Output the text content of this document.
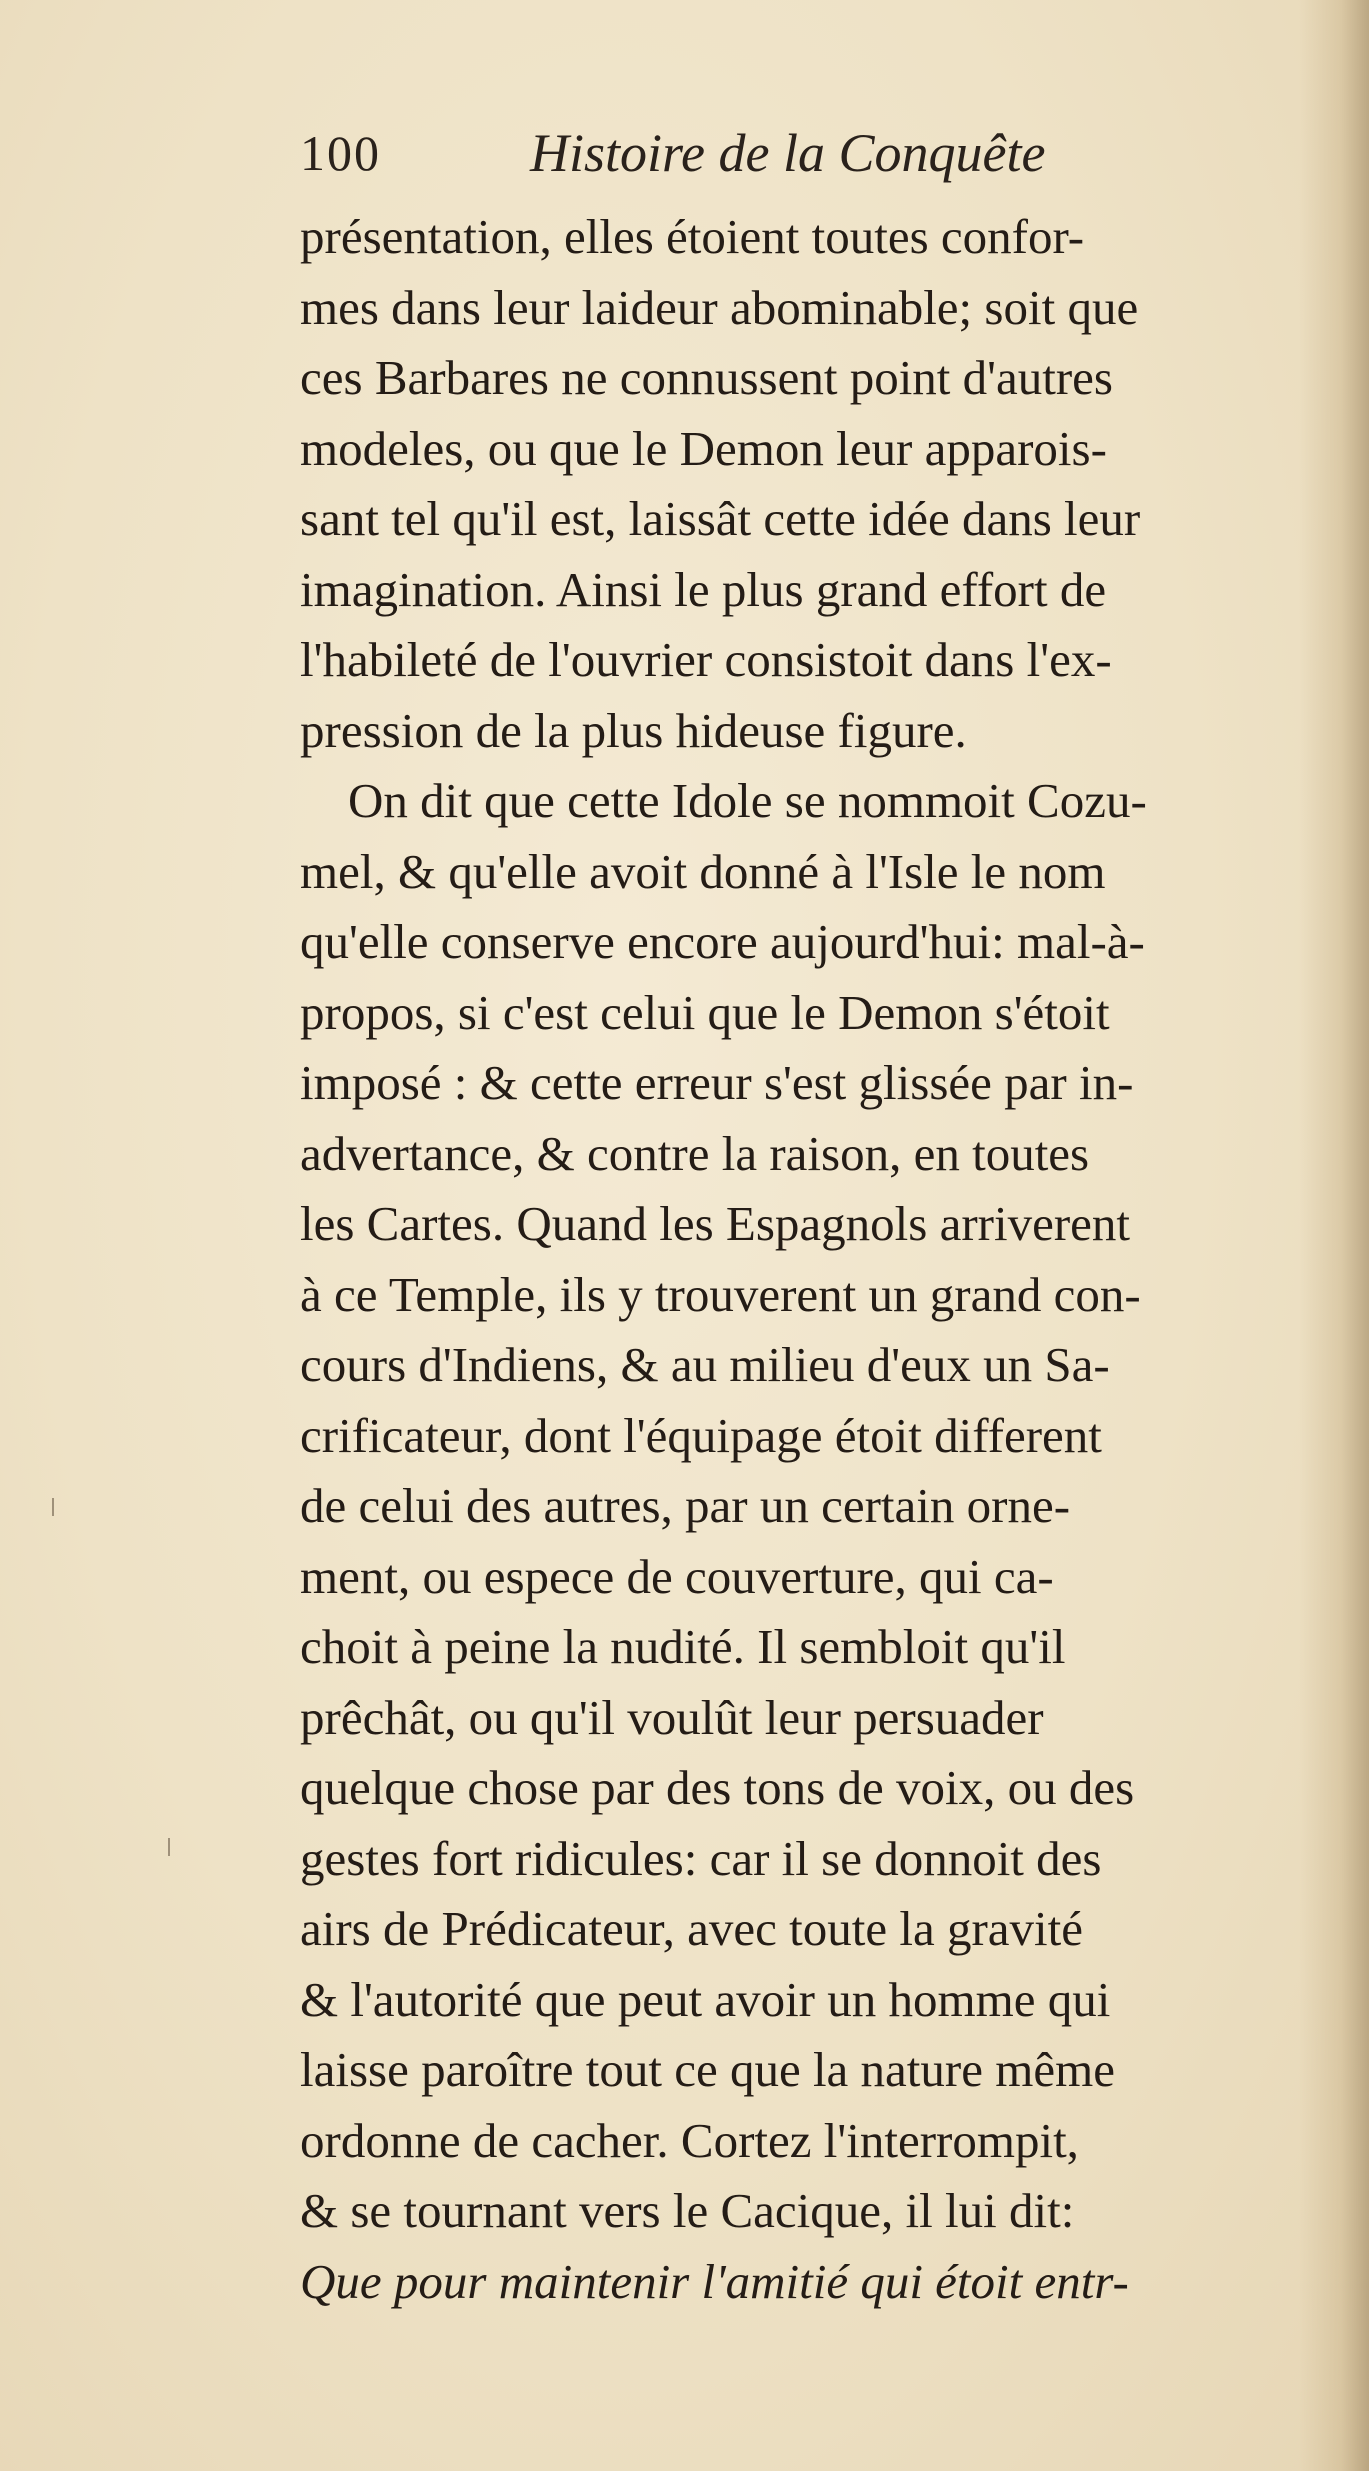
100	Histoire de la Conquête
présentation, elles étoient toutes confor-
mes dans leur laideur abominable; soit que
ces Barbares ne connussent point d'autres
modeles, ou que le Demon leur apparois-
sant tel qu'il est, laissât cette idée dans leur
imagination. Ainsi le plus grand effort de
l'habileté de l'ouvrier consistoit dans l'ex-
pression de la plus hideuse figure.
On dit que cette Idole se nommoit Cozu-
mel, & qu'elle avoit donné à l'Isle le nom
qu'elle conserve encore aujourd'hui: mal-à-
propos, si c'est celui que le Demon s'étoit
imposé : & cette erreur s'est glissée par in-
advertance, & contre la raison, en toutes
les Cartes. Quand les Espagnols arriverent
à ce Temple, ils y trouverent un grand con-
cours d'Indiens, & au milieu d'eux un Sa-
crificateur, dont l'équipage étoit different
de celui des autres, par un certain orne-
ment, ou espece de couverture, qui ca-
choit à peine la nudité. Il sembloit qu'il
prêchât, ou qu'il voulût leur persuader
quelque chose par des tons de voix, ou des
gestes fort ridicules: car il se donnoit des
airs de Prédicateur, avec toute la gravité
& l'autorité que peut avoir un homme qui
laisse paroître tout ce que la nature même
ordonne de cacher. Cortez l'interrompit,
& se tournant vers le Cacique, il lui dit:
Que pour maintenir l'amitié qui étoit entr-
